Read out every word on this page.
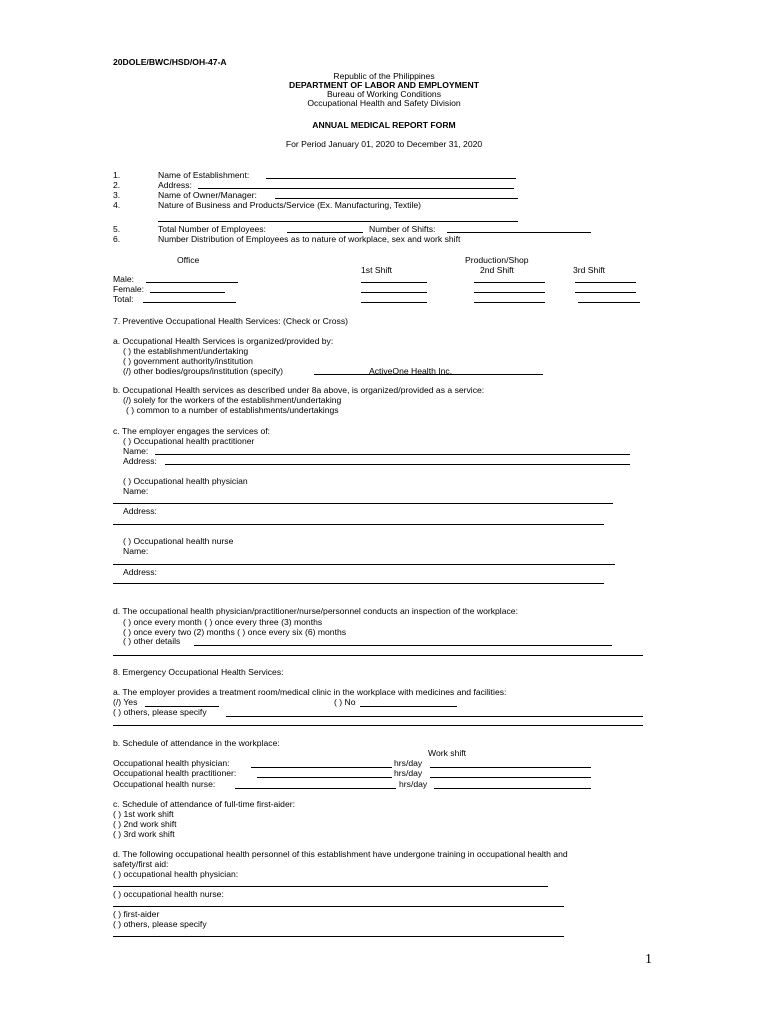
20DOLE/BWC/HSD/OH-47-A
Republic of the Philippines
DEPARTMENT OF LABOR AND EMPLOYMENT
Bureau of Working Conditions
Occupational Health and Safety Division
ANNUAL MEDICAL REPORT FORM
For Period January 01, 2020 to December 31, 2020
1.	Name of Establishment:
2.	Address:
3.	Name of Owner/Manager:
4.	Nature of Business and Products/Service (Ex. Manufacturing, Textile)
5.	Total Number of Employees:	Number of Shifts:
6.	Number Distribution of Employees as to nature of workplace, sex and work shift
Office	Production/Shop
1st Shift	2nd Shift	3rd Shift
Male:
Female:
Total:
7. Preventive Occupational Health Services: (Check or Cross)
a. Occupational Health Services is organized/provided by:
( ) the establishment/undertaking
( ) government authority/institution
(/) other bodies/groups/institution (specify)	ActiveOne Health Inc.
b. Occupational Health services as described under 8a above, is organized/provided as a service:
(/) solely for the workers of the establishment/undertaking
( ) common to a number of establishments/undertakings
c. The employer engages the services of:
( ) Occupational health practitioner
Name:
Address:
( ) Occupational health physician
Name:
Address:
( ) Occupational health nurse
Name:
Address:
d. The occupational health physician/practitioner/nurse/personnel conducts an inspection of the workplace:
( ) once every month ( ) once every three (3) months
( ) once every two (2) months ( ) once every six (6) months
( ) other details
8. Emergency Occupational Health Services:
a. The employer provides a treatment room/medical clinic in the workplace with medicines and facilities:
(/) Yes	( ) No
( ) others, please specify
b. Schedule of attendance in the workplace:
Work shift
Occupational health physician:	hrs/day
Occupational health practitioner:	hrs/day
Occupational health nurse:	hrs/day
c. Schedule of attendance of full-time first-aider:
( ) 1st work shift
( ) 2nd work shift
( ) 3rd work shift
d. The following occupational health personnel of this establishment have undergone training in occupational health and
safety/first aid:
( ) occupational health physician:
( ) occupational health nurse:
( ) first-aider
( ) others, please specify
1
